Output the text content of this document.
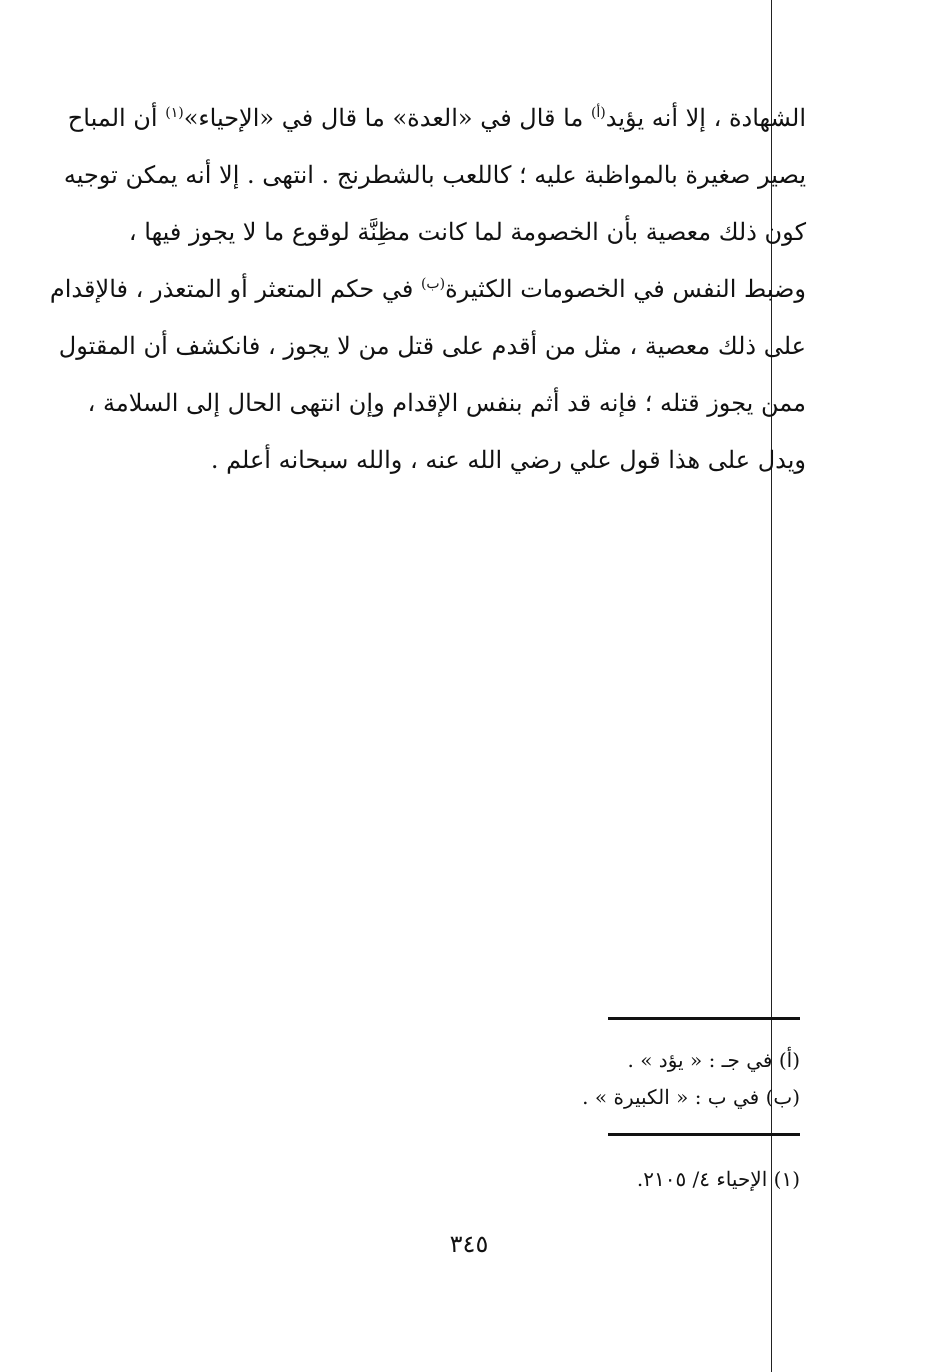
الشهادة ، إلا أنه يؤيد$^{(أ)}$ ما قال في «العدة» ما قال في «الإحياء»$^{(١)}$ أن المباح
يصير صغيرة بالمواظبة عليه ؛ كاللعب بالشطرنج . انتهى . إلا أنه يمكن توجيه
كون ذلك معصية بأن الخصومة لما كانت مظِنَّة لوقوع ما لا يجوز فيها ،
وضبط النفس في الخصومات الكثيرة$^{(ب)}$ في حكم المتعثر أو المتعذر ، فالإقدام
على ذلك معصية ، مثل من أقدم على قتل من لا يجوز ، فانكشف أن المقتول
ممن يجوز قتله ؛ فإنه قد أثم بنفس الإقدام وإن انتهى الحال إلى السلامة ،
ويدل على هذا قول علي رضي الله عنه ، والله سبحانه أعلم .
(أ) في جـ : « يؤد » .
(ب) في ب : « الكبيرة » .
(١) الإحياء ٤/ ٢١٠٥.
٣٤٥
